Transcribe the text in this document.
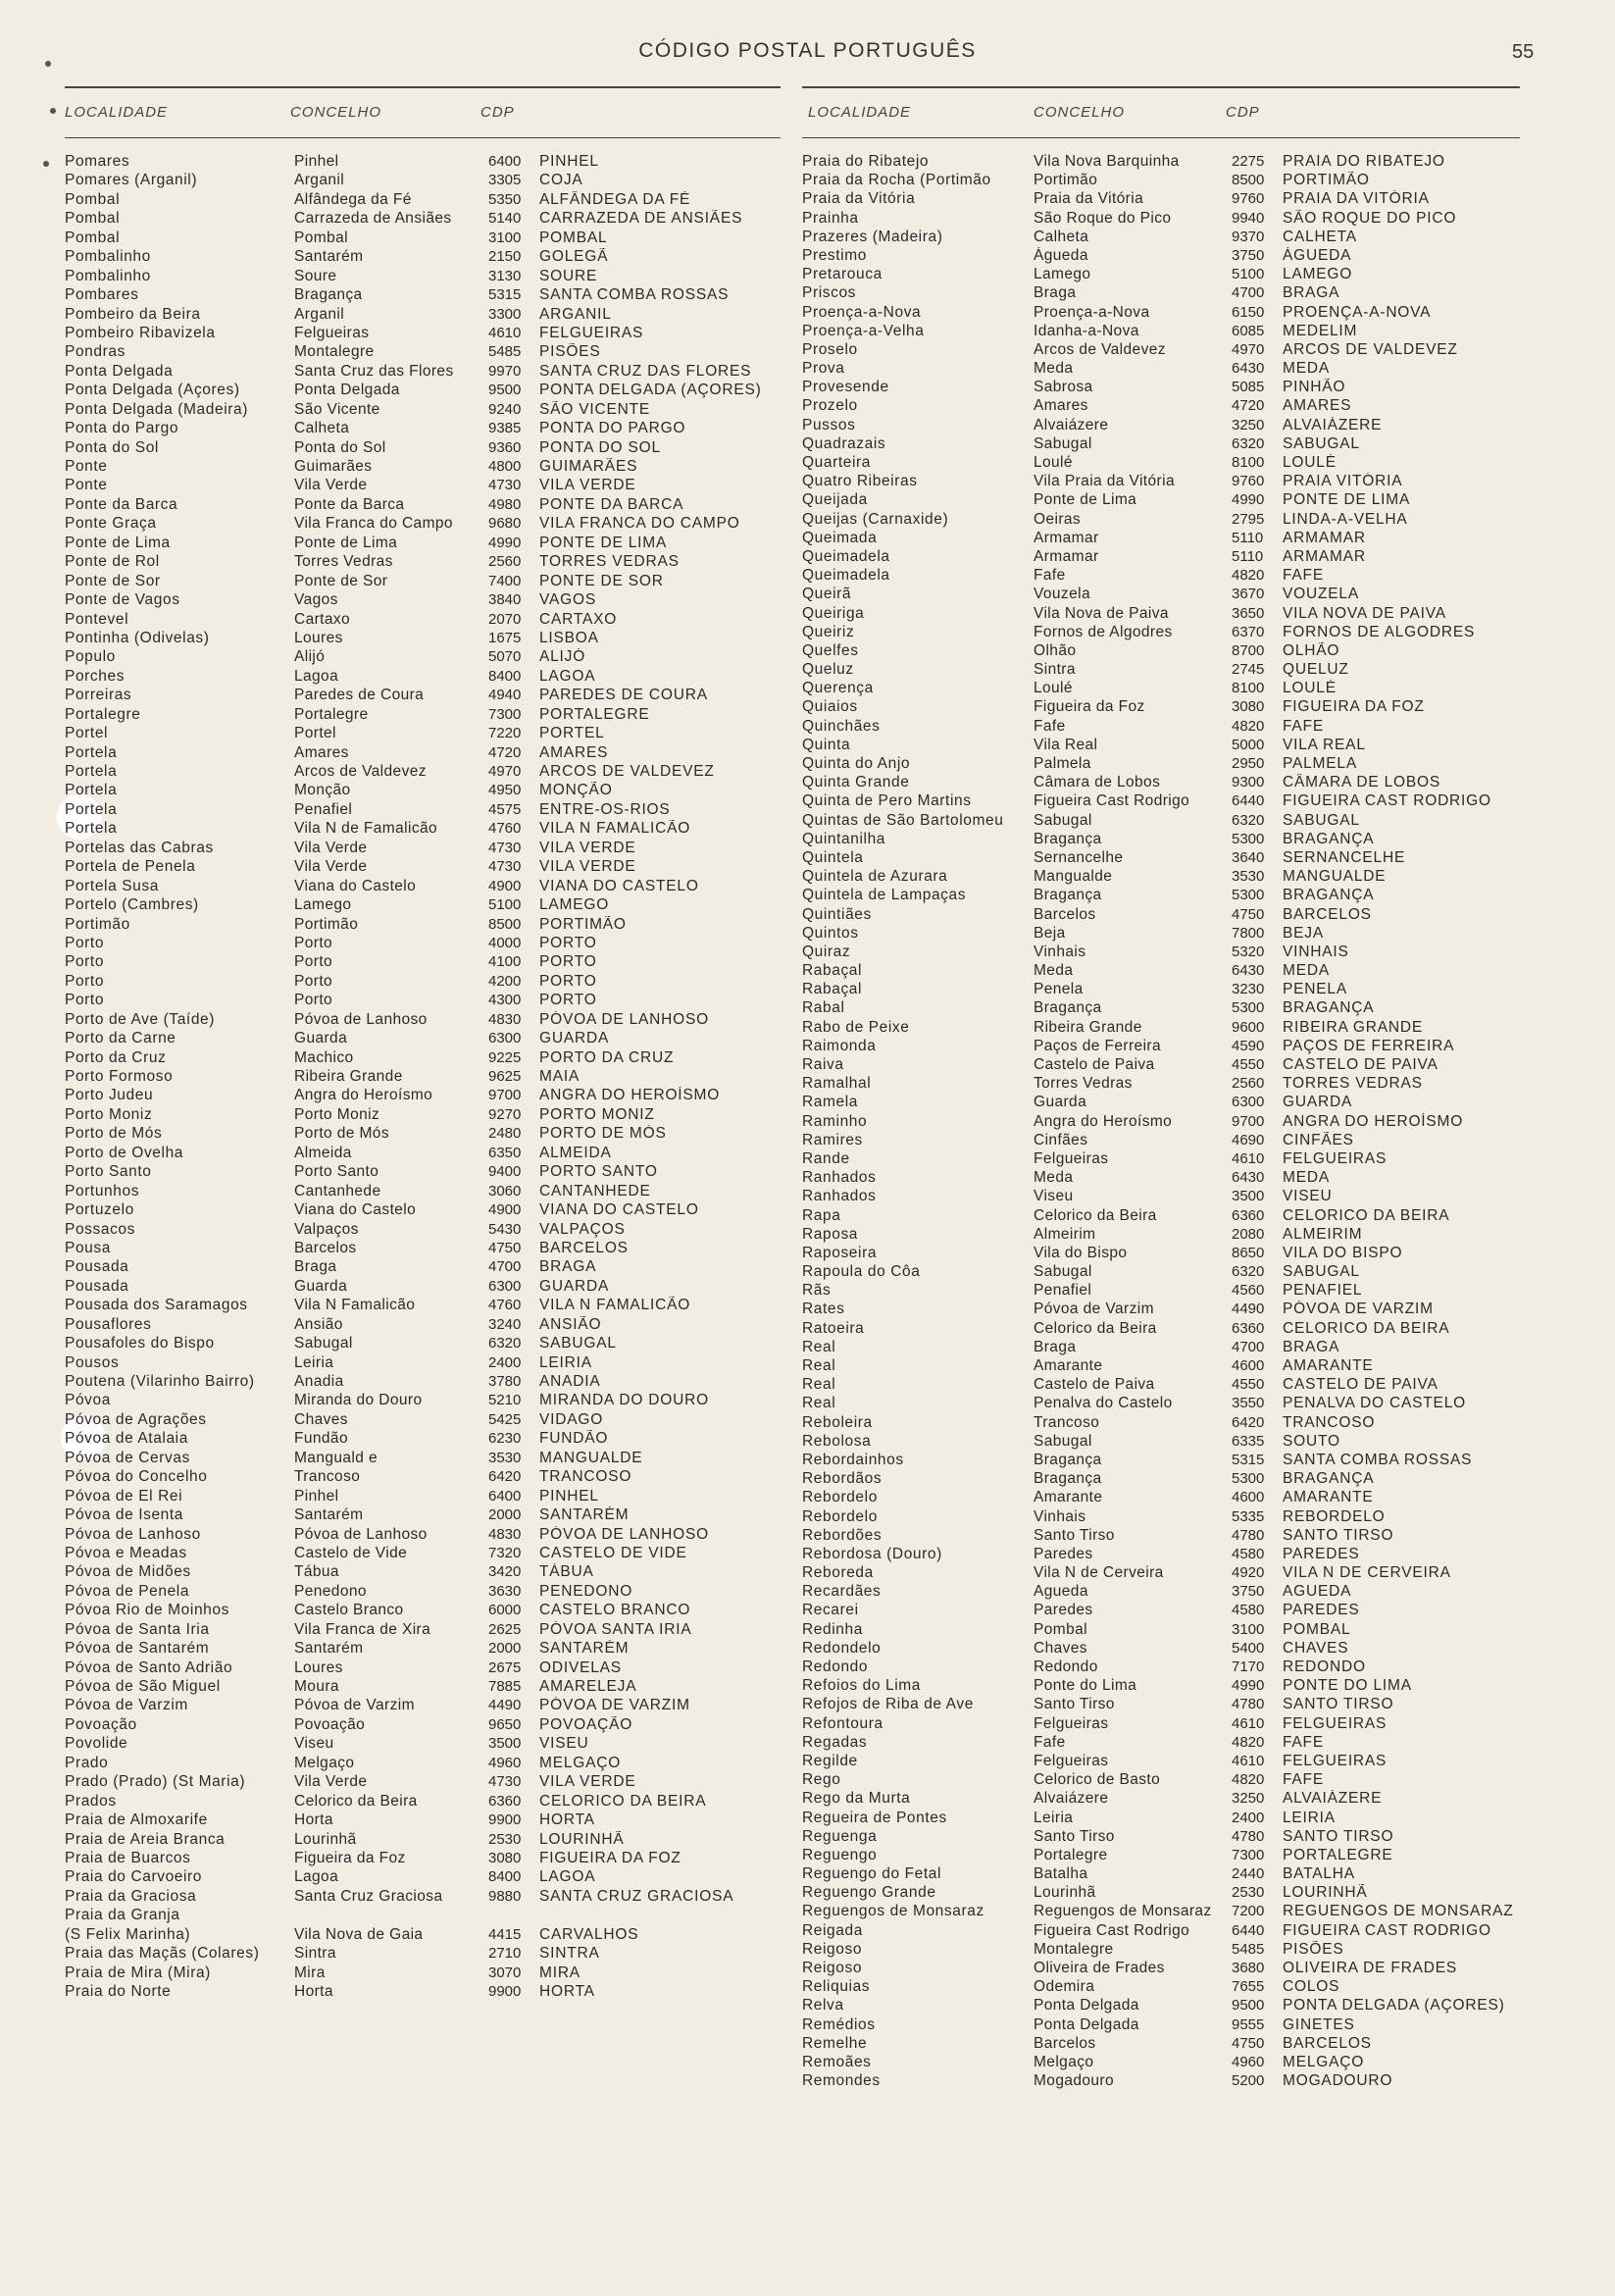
CÓDIGO POSTAL PORTUGUÊS	55
LOCALIDADE	CONCELHO	CDP
Pomares	Pinhel	6400	PINHEL
Pomares (Arganil)	Arganil	3305	COJA
Pombal	Alfândega da Fé	5350	ALFÂNDEGA DA FÉ
Pombal	Carrazeda de Ansiães	5140	CARRAZEDA DE ANSIÃES
Pombal	Pombal	3100	POMBAL
Pombalinho	Santarém	2150	GOLEGÃ
Pombalinho	Soure	3130	SOURE
Pombares	Bragança	5315	SANTA COMBA ROSSAS
Pombeiro da Beira	Arganil	3300	ARGANIL
Pombeiro Ribavizela	Felgueiras	4610	FELGUEIRAS
Pondras	Montalegre	5485	PISÕES
Ponta Delgada	Santa Cruz das Flores	9970	SANTA CRUZ DAS FLORES
Ponta Delgada (Açores)	Ponta Delgada	9500	PONTA DELGADA (AÇORES)
Ponta Delgada (Madeira)	São Vicente	9240	SÃO VICENTE
Ponta do Pargo	Calheta	9385	PONTA DO PARGO
Ponta do Sol	Ponta do Sol	9360	PONTA DO SOL
Ponte	Guimarães	4800	GUIMARÃES
Ponte	Vila Verde	4730	VILA VERDE
Ponte da Barca	Ponte da Barca	4980	PONTE DA BARCA
Ponte Graça	Vila Franca do Campo	9680	VILA FRANCA DO CAMPO
Ponte de Lima	Ponte de Lima	4990	PONTE DE LIMA
Ponte de Rol	Torres Vedras	2560	TORRES VEDRAS
Ponte de Sor	Ponte de Sor	7400	PONTE DE SOR
Ponte de Vagos	Vagos	3840	VAGOS
Pontevel	Cartaxo	2070	CARTAXO
Pontinha (Odivelas)	Loures	1675	LISBOA
Populo	Alijó	5070	ALIJÓ
Porches	Lagoa	8400	LAGOA
Porreiras	Paredes de Coura	4940	PAREDES DE COURA
Portalegre	Portalegre	7300	PORTALEGRE
Portel	Portel	7220	PORTEL
Portela	Amares	4720	AMARES
Portela	Arcos de Valdevez	4970	ARCOS DE VALDEVEZ
Portela	Monção	4950	MONÇÃO
Portela	Penafiel	4575	ENTRE-OS-RIOS
Portela	Vila N de Famalicão	4760	VILA N FAMALICÃO
Portelas das Cabras	Vila Verde	4730	VILA VERDE
Portela de Penela	Vila Verde	4730	VILA VERDE
Portela Susa	Viana do Castelo	4900	VIANA DO CASTELO
Portelo (Cambres)	Lamego	5100	LAMEGO
Portimão	Portimão	8500	PORTIMÃO
Porto	Porto	4000	PORTO
Porto	Porto	4100	PORTO
Porto	Porto	4200	PORTO
Porto	Porto	4300	PORTO
Porto de Ave (Taíde)	Póvoa de Lanhoso	4830	PÓVOA DE LANHOSO
Porto da Carne	Guarda	6300	GUARDA
Porto da Cruz	Machico	9225	PORTO DA CRUZ
Porto Formoso	Ribeira Grande	9625	MAIA
Porto Judeu	Angra do Heroísmo	9700	ANGRA DO HEROÍSMO
Porto Moniz	Porto Moniz	9270	PORTO MONIZ
Porto de Mós	Porto de Mós	2480	PORTO DE MÓS
Porto de Ovelha	Almeida	6350	ALMEIDA
Porto Santo	Porto Santo	9400	PORTO SANTO
Portunhos	Cantanhede	3060	CANTANHEDE
Portuzelo	Viana do Castelo	4900	VIANA DO CASTELO
Possacos	Valpaços	5430	VALPAÇOS
Pousa	Barcelos	4750	BARCELOS
Pousada	Braga	4700	BRAGA
Pousada	Guarda	6300	GUARDA
Pousada dos Saramagos	Vila N Famalicão	4760	VILA N FAMALICÃO
Pousaflores	Ansião	3240	ANSIÃO
Pousafoles do Bispo	Sabugal	6320	SABUGAL
Pousos	Leiria	2400	LEIRIA
Poutena (Vilarinho Bairro)	Anadia	3780	ANADIA
Póvoa	Miranda do Douro	5210	MIRANDA DO DOURO
Póvoa de Agrações	Chaves	5425	VIDAGO
Póvoa de Atalaia	Fundão	6230	FUNDÃO
Póvoa de Cervas	Manguald e	3530	MANGUALDE
Póvoa do Concelho	Trancoso	6420	TRANCOSO
Póvoa de El Rei	Pinhel	6400	PINHEL
Póvoa de Isenta	Santarém	2000	SANTARÉM
Póvoa de Lanhoso	Póvoa de Lanhoso	4830	PÓVOA DE LANHOSO
Póvoa e Meadas	Castelo de Vide	7320	CASTELO DE VIDE
Póvoa de Midões	Tábua	3420	TÁBUA
Póvoa de Penela	Penedono	3630	PENEDONO
Póvoa Rio de Moinhos	Castelo Branco	6000	CASTELO BRANCO
Póvoa de Santa Iria	Vila Franca de Xira	2625	PÓVOA SANTA IRIA
Póvoa de Santarém	Santarém	2000	SANTARÉM
Póvoa de Santo Adrião	Loures	2675	ODIVELAS
Póvoa de São Miguel	Moura	7885	AMARELEJA
Póvoa de Varzim	Póvoa de Varzim	4490	PÓVOA DE VARZIM
Povoação	Povoação	9650	POVOAÇÃO
Povolide	Viseu	3500	VISEU
Prado	Melgaço	4960	MELGAÇO
Prado (Prado) (St Maria)	Vila Verde	4730	VILA VERDE
Prados	Celorico da Beira	6360	CELORICO DA BEIRA
Praia de Almoxarife	Horta	9900	HORTA
Praia de Areia Branca	Lourinhã	2530	LOURINHÃ
Praia de Buarcos	Figueira da Foz	3080	FIGUEIRA DA FOZ
Praia do Carvoeiro	Lagoa	8400	LAGOA
Praia da Graciosa	Santa Cruz Graciosa	9880	SANTA CRUZ GRACIOSA
Praia da Granja
(S Felix Marinha)	Vila Nova de Gaia	4415	CARVALHOS
Praia das Maçãs (Colares)	Sintra	2710	SINTRA
Praia de Mira (Mira)	Mira	3070	MIRA
Praia do Norte	Horta	9900	HORTA
LOCALIDADE	CONCELHO	CDP
Praia do Ribatejo	Vila Nova Barquinha	2275	PRAIA DO RIBATEJO
Praia da Rocha (Portimão	Portimão	8500	PORTIMÃO
Praia da Vitória	Praia da Vitória	9760	PRAIA DA VITÓRIA
Prainha	São Roque do Pico	9940	SÃO ROQUE DO PICO
Prazeres (Madeira)	Calheta	9370	CALHETA
Prestimo	Águeda	3750	ÁGUEDA
Pretarouca	Lamego	5100	LAMEGO
Priscos	Braga	4700	BRAGA
Proença-a-Nova	Proença-a-Nova	6150	PROENÇA-A-NOVA
Proença-a-Velha	Idanha-a-Nova	6085	MEDELIM
Proselo	Arcos de Valdevez	4970	ARCOS DE VALDEVEZ
Prova	Meda	6430	MEDA
Provesende	Sabrosa	5085	PINHÃO
Prozelo	Amares	4720	AMARES
Pussos	Alvaiázere	3250	ALVAIÁZERE
Quadrazais	Sabugal	6320	SABUGAL
Quarteira	Loulé	8100	LOULÉ
Quatro Ribeiras	Vila Praia da Vitória	9760	PRAIA VITÓRIA
Queijada	Ponte de Lima	4990	PONTE DE LIMA
Queijas (Carnaxide)	Oeiras	2795	LINDA-A-VELHA
Queimada	Armamar	5110	ARMAMAR
Queimadela	Armamar	5110	ARMAMAR
Queimadela	Fafe	4820	FAFE
Queirã	Vouzela	3670	VOUZELA
Queiriga	Vila Nova de Paiva	3650	VILA NOVA DE PAIVA
Queiriz	Fornos de Algodres	6370	FORNOS DE ALGODRES
Quelfes	Olhão	8700	OLHÃO
Queluz	Sintra	2745	QUELUZ
Querença	Loulé	8100	LOULÉ
Quiaios	Figueira da Foz	3080	FIGUEIRA DA FOZ
Quinchães	Fafe	4820	FAFE
Quinta	Vila Real	5000	VILA REAL
Quinta do Anjo	Palmela	2950	PALMELA
Quinta Grande	Câmara de Lobos	9300	CÂMARA DE LOBOS
Quinta de Pero Martins	Figueira Cast Rodrigo	6440	FIGUEIRA CAST RODRIGO
Quintas de São Bartolomeu	Sabugal	6320	SABUGAL
Quintanilha	Bragança	5300	BRAGANÇA
Quintela	Sernancelhe	3640	SERNANCELHE
Quintela de Azurara	Mangualde	3530	MANGUALDE
Quintela de Lampaças	Bragança	5300	BRAGANÇA
Quintiães	Barcelos	4750	BARCELOS
Quintos	Beja	7800	BEJA
Quiraz	Vinhais	5320	VINHAIS
Rabaçal	Meda	6430	MEDA
Rabaçal	Penela	3230	PENELA
Rabal	Bragança	5300	BRAGANÇA
Rabo de Peixe	Ribeira Grande	9600	RIBEIRA GRANDE
Raimonda	Paços de Ferreira	4590	PAÇOS DE FERREIRA
Raiva	Castelo de Paiva	4550	CASTELO DE PAIVA
Ramalhal	Torres Vedras	2560	TORRES VEDRAS
Ramela	Guarda	6300	GUARDA
Raminho	Angra do Heroísmo	9700	ANGRA DO HEROÍSMO
Ramires	Cinfães	4690	CINFÃES
Rande	Felgueiras	4610	FELGUEIRAS
Ranhados	Meda	6430	MEDA
Ranhados	Viseu	3500	VISEU
Rapa	Celorico da Beira	6360	CELORICO DA BEIRA
Raposa	Almeirim	2080	ALMEIRIM
Raposeira	Vila do Bispo	8650	VILA DO BISPO
Rapoula do Côa	Sabugal	6320	SABUGAL
Rãs	Penafiel	4560	PENAFIEL
Rates	Póvoa de Varzim	4490	PÓVOA DE VARZIM
Ratoeira	Celorico da Beira	6360	CELORICO DA BEIRA
Real	Braga	4700	BRAGA
Real	Amarante	4600	AMARANTE
Real	Castelo de Paiva	4550	CASTELO DE PAIVA
Real	Penalva do Castelo	3550	PENALVA DO CASTELO
Reboleira	Trancoso	6420	TRANCOSO
Rebolosa	Sabugal	6335	SOUTO
Rebordainhos	Bragança	5315	SANTA COMBA ROSSAS
Rebordãos	Bragança	5300	BRAGANÇA
Rebordelo	Amarante	4600	AMARANTE
Rebordelo	Vinhais	5335	REBORDELO
Rebordões	Santo Tirso	4780	SANTO TIRSO
Rebordosa (Douro)	Paredes	4580	PAREDES
Reboreda	Vila N de Cerveira	4920	VILA N DE CERVEIRA
Recardães	Agueda	3750	AGUEDA
Recarei	Paredes	4580	PAREDES
Redinha	Pombal	3100	POMBAL
Redondelo	Chaves	5400	CHAVES
Redondo	Redondo	7170	REDONDO
Refoios do Lima	Ponte do Lima	4990	PONTE DO LIMA
Refojos de Riba de Ave	Santo Tirso	4780	SANTO TIRSO
Refontoura	Felgueiras	4610	FELGUEIRAS
Regadas	Fafe	4820	FAFE
Regilde	Felgueiras	4610	FELGUEIRAS
Rego	Celorico de Basto	4820	FAFE
Rego da Murta	Alvaiázere	3250	ALVAIÁZERE
Regueira de Pontes	Leiria	2400	LEIRIA
Reguenga	Santo Tirso	4780	SANTO TIRSO
Reguengo	Portalegre	7300	PORTALEGRE
Reguengo do Fetal	Batalha	2440	BATALHA
Reguengo Grande	Lourinhã	2530	LOURINHÃ
Reguengos de Monsaraz	Reguengos de Monsaraz	7200	REGUENGOS DE MONSARAZ
Reigada	Figueira Cast Rodrigo	6440	FIGUEIRA CAST RODRIGO
Reigoso	Montalegre	5485	PISÕES
Reigoso	Oliveira de Frades	3680	OLIVEIRA DE FRADES
Reliquias	Odemira	7655	COLOS
Relva	Ponta Delgada	9500	PONTA DELGADA (AÇORES)
Remédios	Ponta Delgada	9555	GINETES
Remelhe	Barcelos	4750	BARCELOS
Remoães	Melgaço	4960	MELGAÇO
Remondes	Mogadouro	5200	MOGADOURO
